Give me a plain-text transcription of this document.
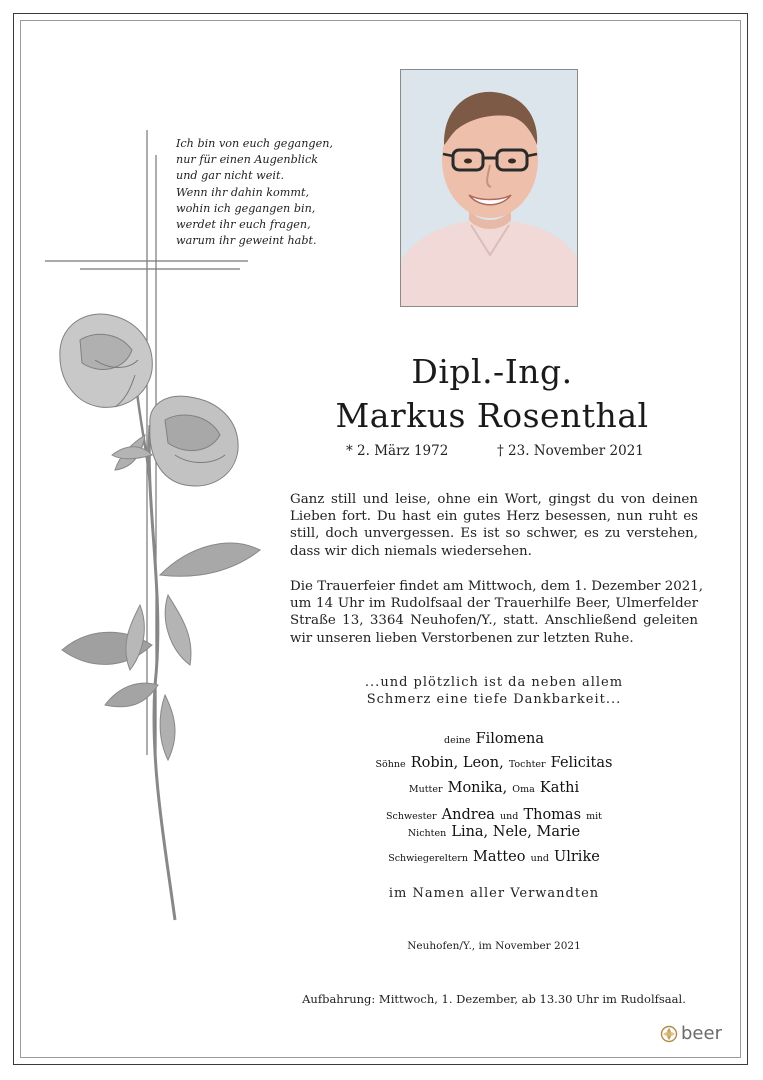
Ich bin von euch gegangen,
nur für einen Augenblick
und gar nicht weit.
Wenn ihr dahin kommt,
wohin ich gegangen bin,
werdet ihr euch fragen,
warum ihr geweint habt.
Dipl.-Ing.
Markus Rosenthal
* 2. März 1972	† 23. November 2021
Ganz still und leise, ohne ein Wort, gingst du von deinen
Lieben fort. Du hast ein gutes Herz besessen, nun ruht es
still, doch unvergessen. Es ist so schwer, es zu verstehen,
dass wir dich niemals wiedersehen.
Die Trauerfeier findet am Mittwoch, dem 1. Dezember 2021,
um 14 Uhr im Rudolfsaal der Trauerhilfe Beer, Ulmerfelder
Straße 13, 3364 Neuhofen/Y., statt. Anschließend geleiten
wir unseren lieben Verstorbenen zur letzten Ruhe.
...und plötzlich ist da neben allem
Schmerz eine tiefe Dankbarkeit...
deine Filomena
Söhne Robin, Leon, Tochter Felicitas
Mutter Monika, Oma Kathi
Schwester Andrea und Thomas mit
Nichten Lina, Nele, Marie
Schwiegereltern Matteo und Ulrike
im Namen aller Verwandten
Neuhofen/Y., im November 2021
Aufbahrung: Mittwoch, 1. Dezember, ab 13.30 Uhr im Rudolfsaal.
beer
